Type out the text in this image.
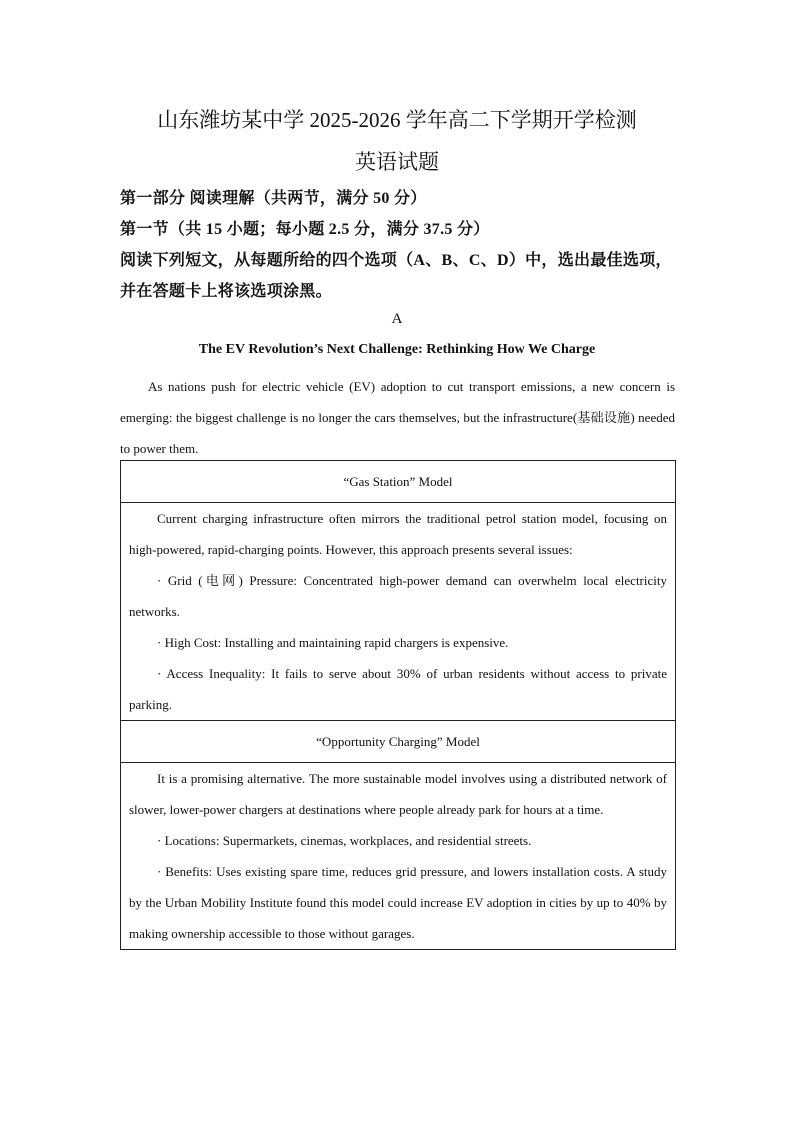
山东潍坊某中学 2025-2026 学年高二下学期开学检测
英语试题
第一部分 阅读理解（共两节，满分 50 分）
第一节（共 15 小题；每小题 2.5 分，满分 37.5 分）
阅读下列短文，从每题所给的四个选项（A、B、C、D）中，选出最佳选项，
并在答题卡上将该选项涂黑。
A
The EV Revolution’s Next Challenge: Rethinking How We Charge

As nations push for electric vehicle (EV) adoption to cut transport emissions, a new concern is emerging: the biggest challenge is no longer the cars themselves, but the infrastructure(基础设施) needed to power them.

“Gas Station” Model

Current charging infrastructure often mirrors the traditional petrol station model, focusing on high-powered, rapid-charging points. However, this approach presents several issues:

· Grid (电网) Pressure: Concentrated high-power demand can overwhelm local electricity networks.

· High Cost: Installing and maintaining rapid chargers is expensive.

· Access Inequality: It fails to serve about 30% of urban residents without access to private parking.

“Opportunity Charging” Model

It is a promising alternative. The more sustainable model involves using a distributed network of slower, lower-power chargers at destinations where people already park for hours at a time.

· Locations: Supermarkets, cinemas, workplaces, and residential streets.

· Benefits: Uses existing spare time, reduces grid pressure, and lowers installation costs. A study by the Urban Mobility Institute found this model could increase EV adoption in cities by up to 40% by making ownership accessible to those without garages.
